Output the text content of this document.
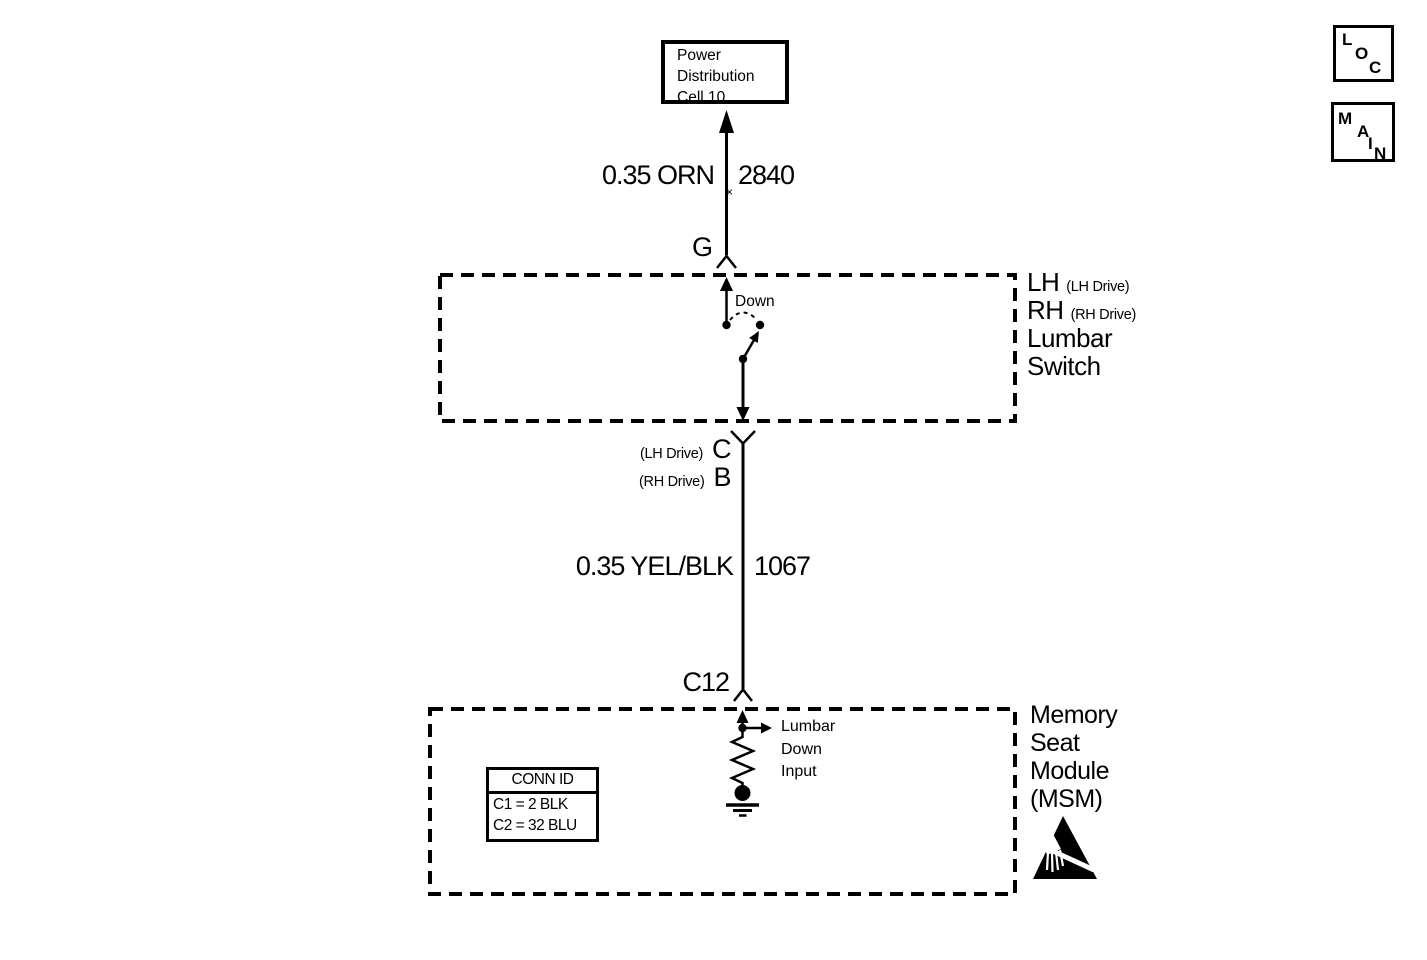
Power
Distribution
Cell 10
0.35 ORN 2840
×
G
Down
LH (LH Drive)
RH (RH Drive)
Lumbar
Switch
(LH Drive) C
(RH Drive) B
0.35 YEL/BLK 1067
C12
Lumbar
Down
Input
CONN ID
C1 = 2 BLK
C2 = 32 BLU
Memory
Seat
Module
(MSM)
L
O
C
M
A
I
N
